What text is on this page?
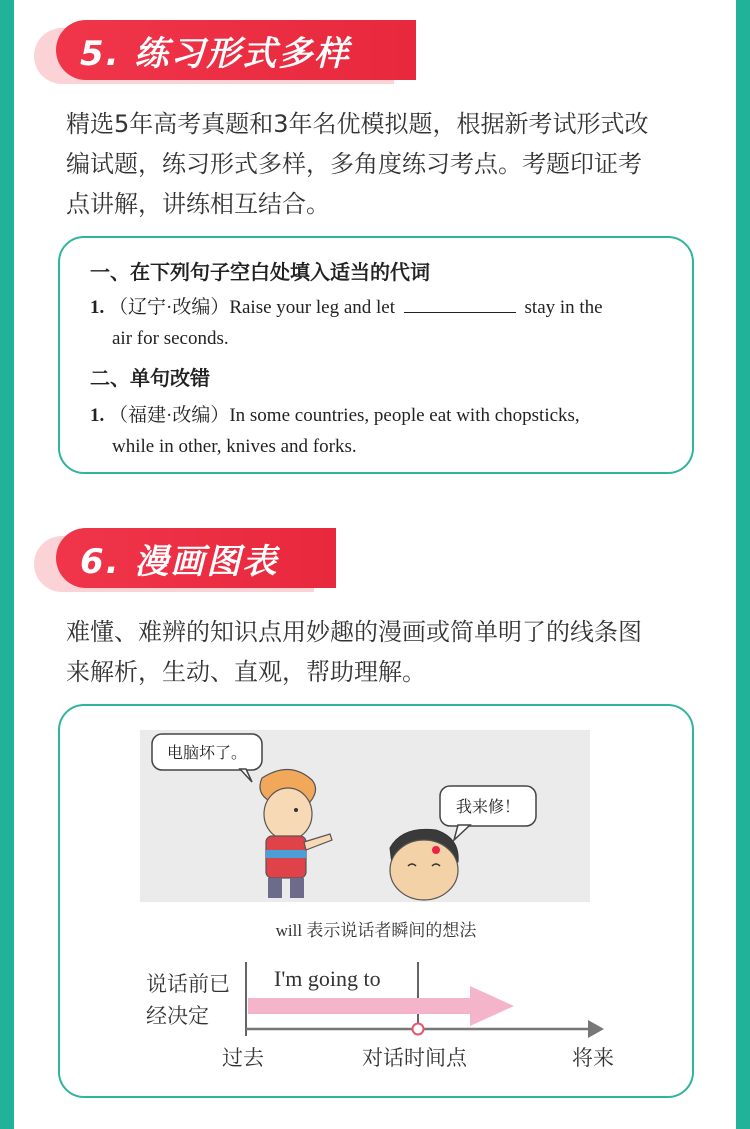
5. 练习形式多样
精选5年高考真题和3年名优模拟题，根据新考试形式改
编试题，练习形式多样，多角度练习考点。考题印证考
点讲解，讲练相互结合。
一、在下列句子空白处填入适当的代词
1. （辽宁·改编）Raise your leg and let	stay in the
air for seconds.
二、单句改错
1. （福建·改编）In some countries, people eat with chopsticks,
while in other, knives and forks.
6. 漫画图表
难懂、难辨的知识点用妙趣的漫画或简单明了的线条图
来解析，生动、直观，帮助理解。
电脑坏了。
我来修！
will 表示说话者瞬间的想法
说话前已
经决定
I'm going to
过去	对话时间点	将来
